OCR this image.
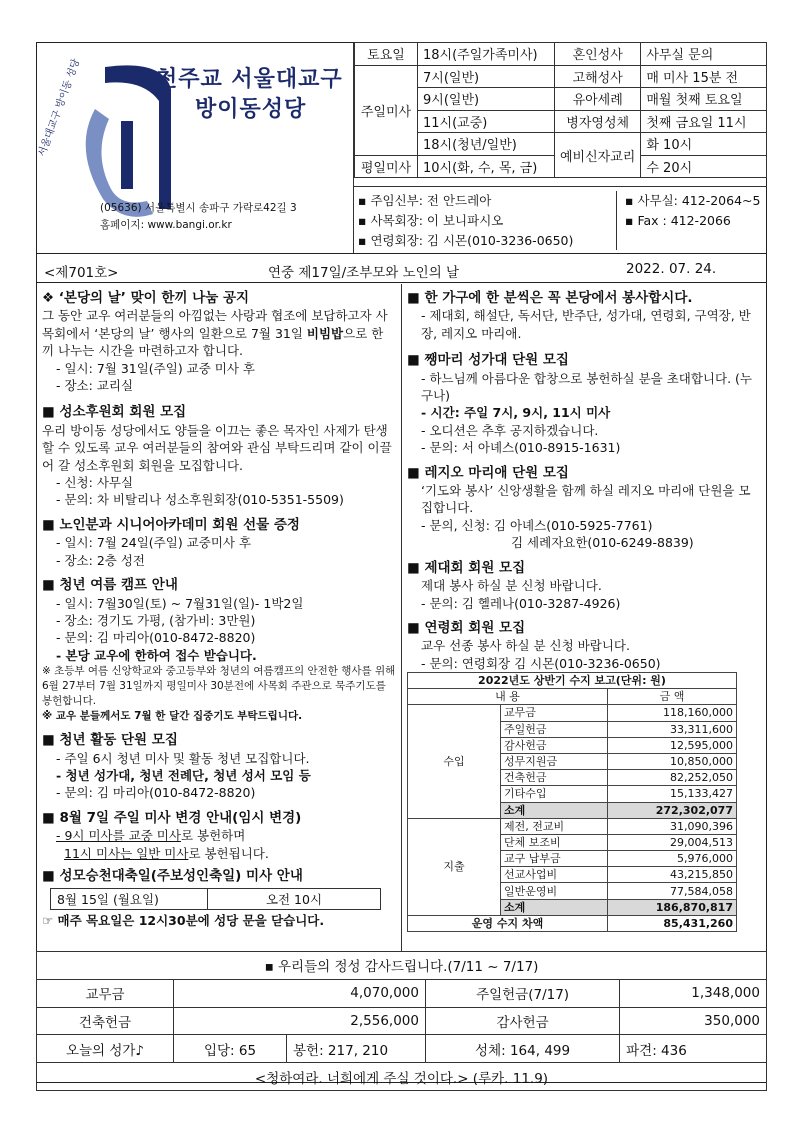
서울대교구 방이동 성당	천주교 서울대교구
방이동성당
(05636) 서울특별시 송파구 가락로42길 3
홈페이지: www.bangi.or.kr
토요일	18시(주일가족미사)	혼인성사	사무실 문의
주일미사	7시(일반)	고해성사	매 미사 15분 전
	9시(일반)	유아세례	매월 첫째 토요일
	11시(교중)	병자영성체	첫째 금요일 11시
	18시(청년/일반)	예비신자교리	화 10시
평일미사	10시(화, 수, 목, 금)		수 20시
▪ 주임신부: 전 안드레아
▪ 사목회장: 이 보니파시오
▪ 연령회장: 김 시몬(010-3236-0650)
▪ 사무실: 412-2064~5
▪ Fax : 412-2066
<제701호>	연중 제17일/조부모와 노인의 날	2022. 07. 24.
❖ ‘본당의 날’ 맞이 한끼 나눔 공지
그 동안 교우 여러분들의 아낌없는 사랑과 협조에 보답하고자 사목회에서 ‘본당의 날’ 행사의 일환으로 7월 31일 비빔밥으로 한 끼 나누는 시간을 마련하고자 합니다.
- 일시: 7월 31일(주일) 교중 미사 후
- 장소: 교리실
■ 성소후원회 회원 모집
우리 방이동 성당에서도 양들을 이끄는 좋은 목자인 사제가 탄생할 수 있도록 교우 여러분들의 참여와 관심 부탁드리며 같이 이끌어 갈 성소후원회 회원을 모집합니다.
- 신청: 사무실
- 문의: 차 비탈리나 성소후원회장(010-5351-5509)
■ 노인분과 시니어아카데미 회원 선물 증정
- 일시: 7월 24일(주일) 교중미사 후
- 장소: 2층 성전
■ 청년 여름 캠프 안내
- 일시: 7월30일(토) ~ 7월31일(일)- 1박2일
- 장소: 경기도 가평, (참가비: 3만원)
- 문의: 김 마리아(010-8472-8820)
- 본당 교우에 한하여 접수 받습니다.
※ 초등부 여름 신앙학교와 중고등부와 청년의 여름캠프의 안전한 행사를 위해 6월 27부터 7월 31일까지 평일미사 30분전에 사목회 주관으로 묵주기도를 봉헌합니다.
※ 교우 분들께서도 7월 한 달간 집중기도 부탁드립니다.
■ 청년 활동 단원 모집
- 주일 6시 청년 미사 및 활동 청년 모집합니다.
- 청년 성가대, 청년 전례단, 청년 성서 모임 등
- 문의: 김 마리아(010-8472-8820)
■ 8월 7일 주일 미사 변경 안내(임시 변경)
- 9시 미사를 교중 미사로 봉헌하며
11시 미사는 일반 미사로 봉헌됩니다.
■ 성모승천대축일(주보성인축일) 미사 안내
8월 15일 (월요일)	오전 10시
☞ 매주 목요일은 12시30분에 성당 문을 닫습니다.
■ 한 가구에 한 분씩은 꼭 본당에서 봉사합시다.
- 제대회, 해설단, 독서단, 반주단, 성가대, 연령회, 구역장, 반장, 레지오 마리애.
■ 쨍마리 성가대 단원 모집
- 하느님께 아름다운 합창으로 봉헌하실 분을 초대합니다. (누구나)
- 시간: 주일 7시, 9시, 11시 미사
- 오디션은 추후 공지하겠습니다.
- 문의: 서 아녜스(010-8915-1631)
■ 레지오 마리애 단원 모집
‘기도와 봉사’ 신앙생활을 함께 하실 레지오 마리애 단원을 모집합니다.
- 문의, 신청: 김 아녜스(010-5925-7761)
김 세례자요한(010-6249-8839)
■ 제대회 회원 모집
제대 봉사 하실 분 신청 바랍니다.
- 문의: 김 헬레나(010-3287-4926)
■ 연령회 회원 모집
교우 선종 봉사 하실 분 신청 바랍니다.
- 문의: 연령회장 김 시몬(010-3236-0650)
2022년도 상반기 수지 보고(단위: 원)		
내 용		금 액
수입	교무금	118,160,000
	주일헌금	33,311,600
	감사헌금	12,595,000
	성무지원금	10,850,000
	건축헌금	82,252,050
	기타수입	15,133,427
	소계	272,302,077
지출	제전, 전교비	31,090,396
	단체 보조비	29,004,513
	교구 납부금	5,976,000
	선교사업비	43,215,850
	일반운영비	77,584,058
	소계	186,870,817
운영 수지 차액		85,431,260
▪ 우리들의 정성 감사드립니다.(7/11 ~ 7/17)				
교무금	4,070,000		주일헌금(7/17)	1,348,000
건축헌금	2,556,000		감사헌금	350,000
오늘의 성가♪	입당: 65	봉헌: 217, 210	성체: 164, 499	파견: 436
<청하여라. 너희에게 주실 것이다.> (루카. 11.9)				
